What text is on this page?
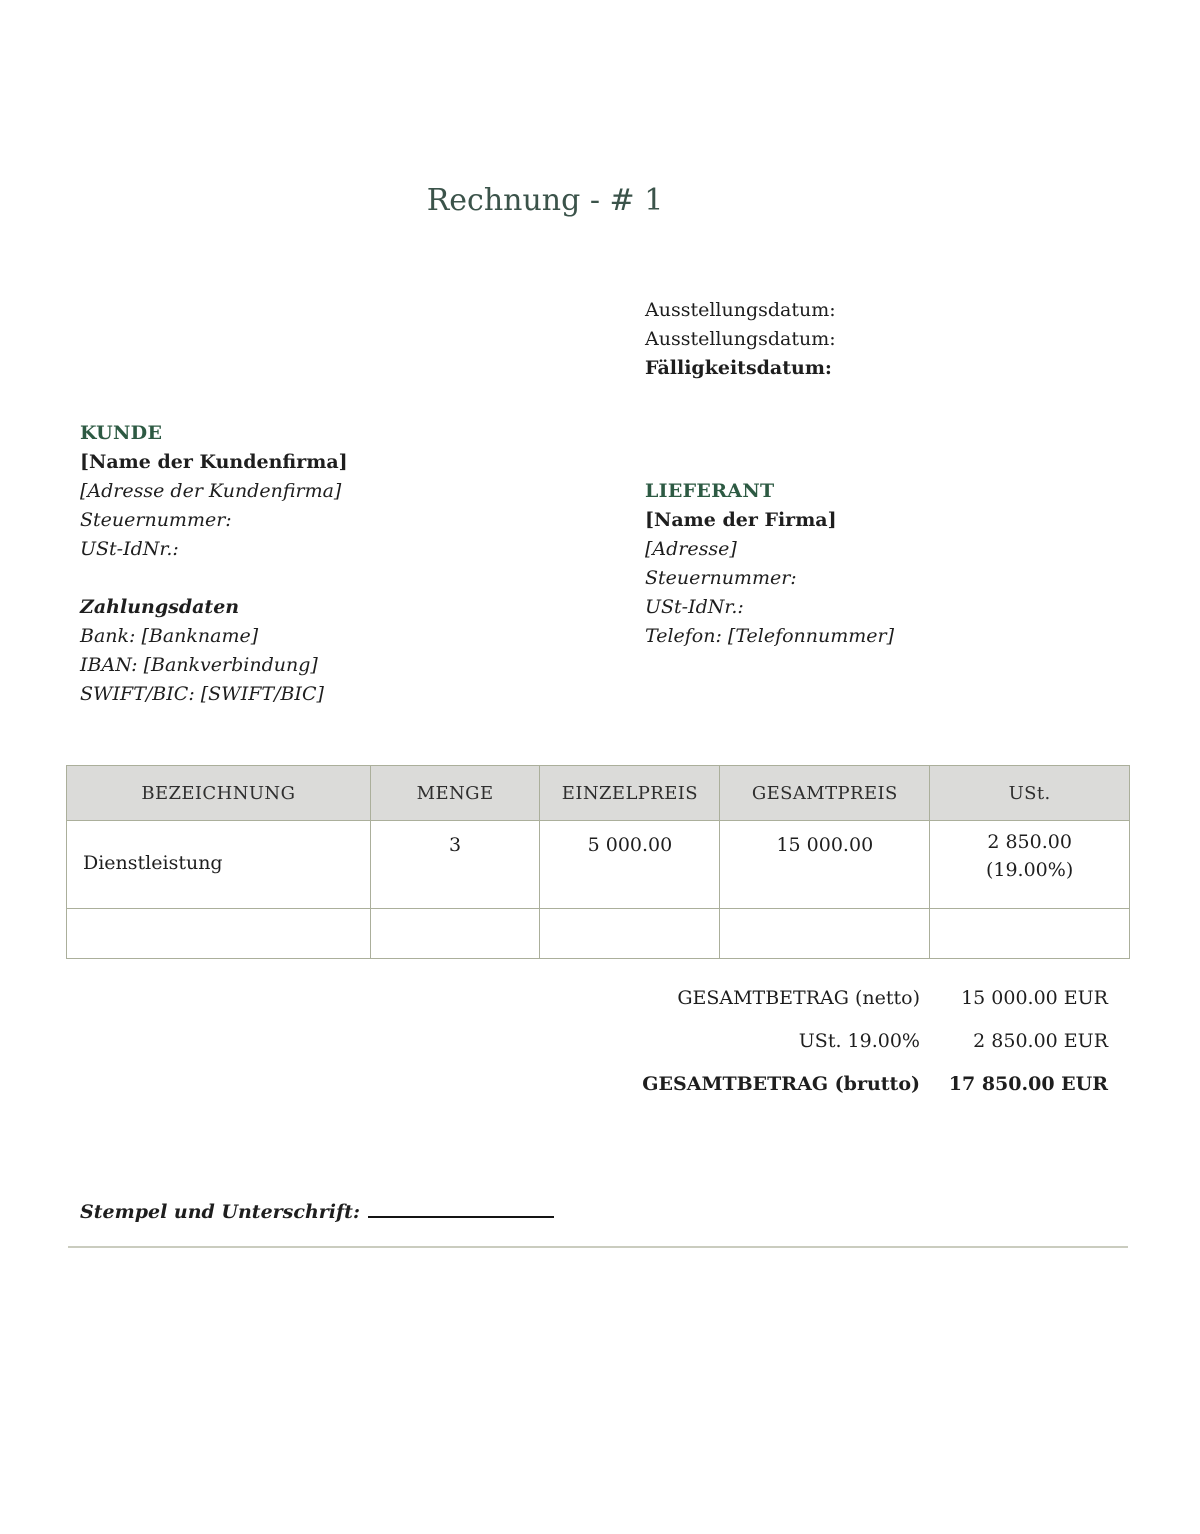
Rechnung - # 1
Ausstellungsdatum:
Ausstellungsdatum:
Fälligkeitsdatum:
KUNDE
[Name der Kundenfirma]
[Adresse der Kundenfirma]
Steuernummer:
USt-IdNr.:
Zahlungsdaten
Bank: [Bankname]
IBAN: [Bankverbindung]
SWIFT/BIC: [SWIFT/BIC]
LIEFERANT
[Name der Firma]
[Adresse]
Steuernummer:
USt-IdNr.:
Telefon: [Telefonnummer]
BEZEICHNUNG	MENGE	EINZELPREIS	GESAMTPREIS	USt.
Dienstleistung	3	5 000.00	15 000.00	2 850.00
(19.00%)

GESAMTBETRAG (netto)	15 000.00 EUR
USt. 19.00%	2 850.00 EUR
GESAMTBETRAG (brutto)	17 850.00 EUR
Stempel und Unterschrift:
